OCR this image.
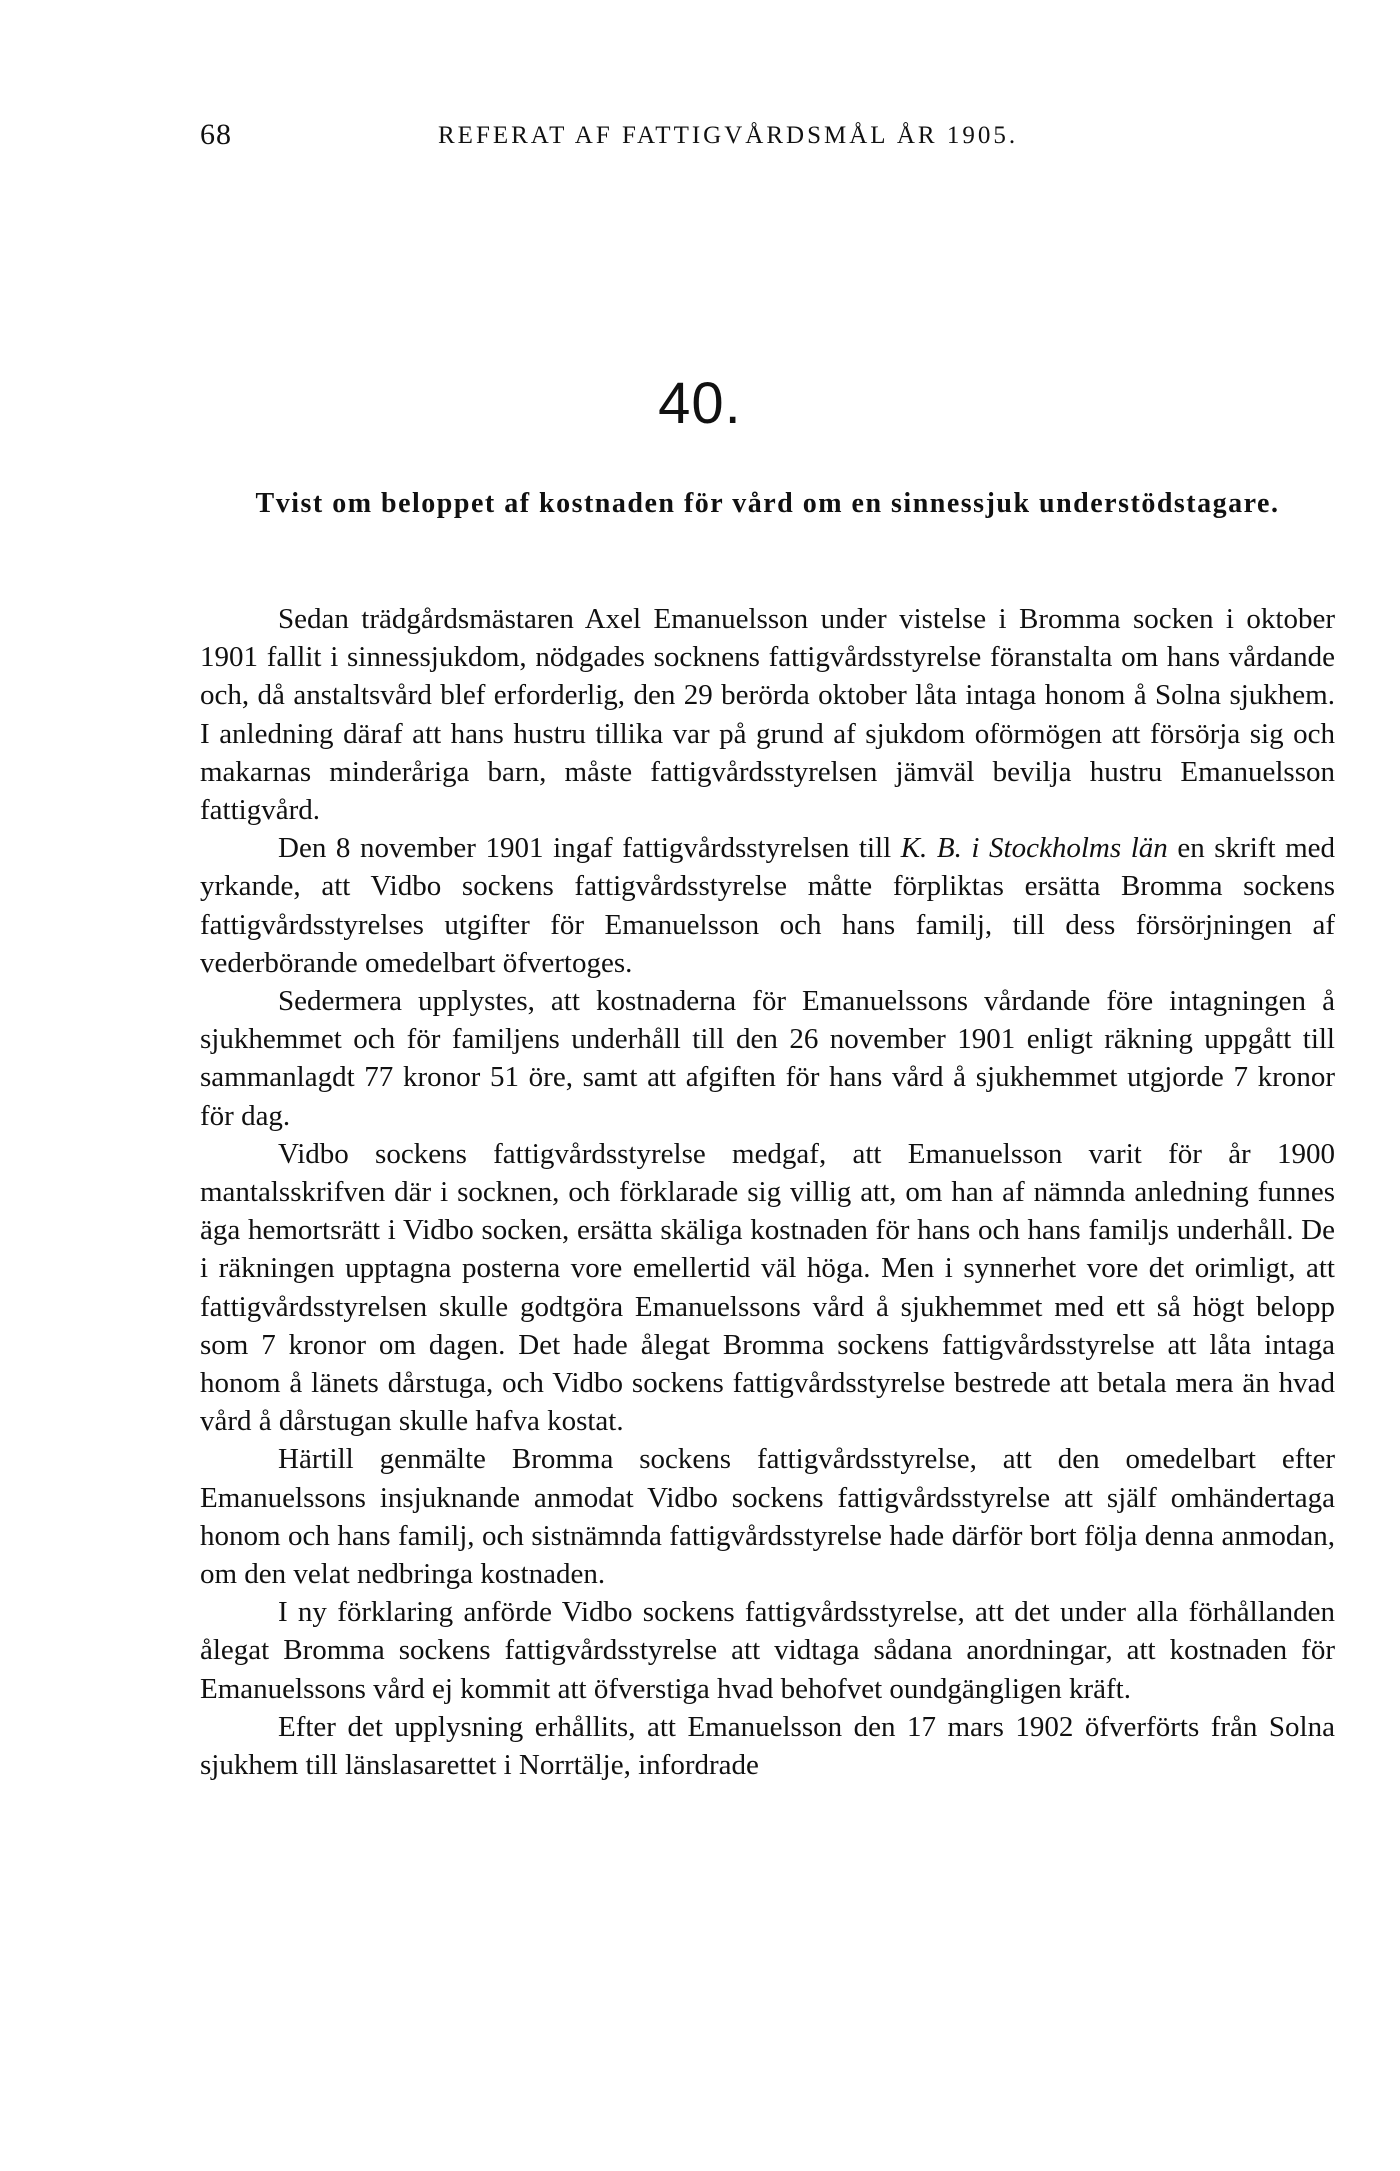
68	REFERAT AF FATTIGVÅRDSMÅL ÅR 1905.
40.
Tvist om beloppet af kostnaden för vård om en sinnessjuk understödstagare.

Sedan trädgårdsmästaren Axel Emanuelsson under vistelse i Bromma socken i oktober 1901 fallit i sinnessjukdom, nödgades socknens fattigvårdsstyrelse föranstalta om hans vårdande och, då anstaltsvård blef erforderlig, den 29 berörda oktober låta intaga honom å Solna sjukhem. I anledning däraf att hans hustru tillika var på grund af sjukdom oförmögen att försörja sig och makarnas minderåriga barn, måste fattigvårdsstyrelsen jämväl bevilja hustru Emanuelsson fattigvård.

Den 8 november 1901 ingaf fattigvårdsstyrelsen till K. B. i Stockholms län en skrift med yrkande, att Vidbo sockens fattigvårdsstyrelse måtte förpliktas ersätta Bromma sockens fattigvårdsstyrelses utgifter för Emanuelsson och hans familj, till dess försörjningen af vederbörande omedelbart öfvertoges.

Sedermera upplystes, att kostnaderna för Emanuelssons vårdande före intagningen å sjukhemmet och för familjens underhåll till den 26 november 1901 enligt räkning uppgått till sammanlagdt 77 kronor 51 öre, samt att afgiften för hans vård å sjukhemmet utgjorde 7 kronor för dag.

Vidbo sockens fattigvårdsstyrelse medgaf, att Emanuelsson varit för år 1900 mantalsskrifven där i socknen, och förklarade sig villig att, om han af nämnda anledning funnes äga hemortsrätt i Vidbo socken, ersätta skäliga kostnaden för hans och hans familjs underhåll. De i räkningen upptagna posterna vore emellertid väl höga. Men i synnerhet vore det orimligt, att fattigvårdsstyrelsen skulle godtgöra Emanuelssons vård å sjukhemmet med ett så högt belopp som 7 kronor om dagen. Det hade ålegat Bromma sockens fattigvårdsstyrelse att låta intaga honom å länets dårstuga, och Vidbo sockens fattigvårdsstyrelse bestrede att betala mera än hvad vård å dårstugan skulle hafva kostat.

Härtill genmälte Bromma sockens fattigvårdsstyrelse, att den omedelbart efter Emanuelssons insjuknande anmodat Vidbo sockens fattigvårdsstyrelse att själf omhändertaga honom och hans familj, och sistnämnda fattigvårdsstyrelse hade därför bort följa denna anmodan, om den velat nedbringa kostnaden.

I ny förklaring anförde Vidbo sockens fattigvårdsstyrelse, att det under alla förhållanden ålegat Bromma sockens fattigvårdsstyrelse att vidtaga sådana anordningar, att kostnaden för Emanuelssons vård ej kommit att öfverstiga hvad behofvet oundgängligen kräft.

Efter det upplysning erhållits, att Emanuelsson den 17 mars 1902 öfverförts från Solna sjukhem till länslasarettet i Norrtälje, infordrade
